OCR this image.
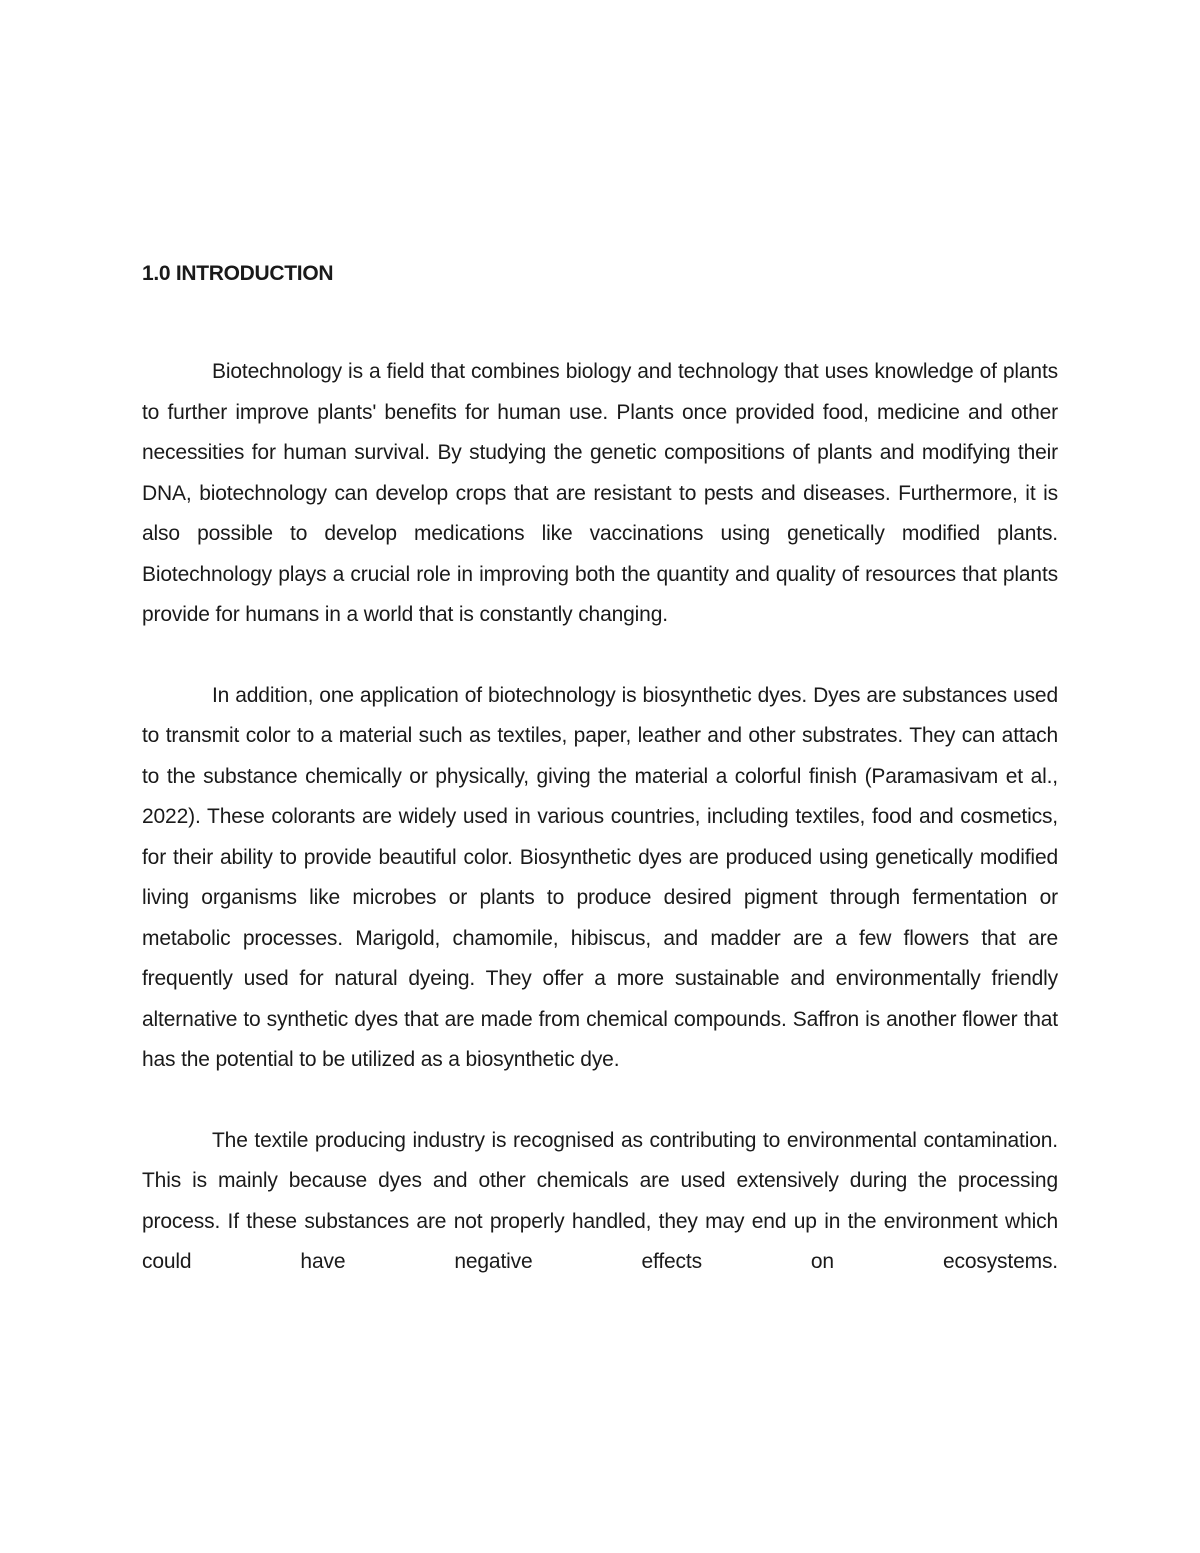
1.0 INTRODUCTION

Biotechnology is a field that combines biology and technology that uses knowledge of plants to further improve plants' benefits for human use. Plants once provided food, medicine and other necessities for human survival. By studying the genetic compositions of plants and modifying their DNA, biotechnology can develop crops that are resistant to pests and diseases. Furthermore, it is also possible to develop medications like vaccinations using genetically modified plants. Biotechnology plays a crucial role in improving both the quantity and quality of resources that plants provide for humans in a world that is constantly changing.

In addition, one application of biotechnology is biosynthetic dyes. Dyes are substances used to transmit color to a material such as textiles, paper, leather and other substrates. They can attach to the substance chemically or physically, giving the material a colorful finish (Paramasivam et al., 2022). These colorants are widely used in various countries, including textiles, food and cosmetics, for their ability to provide beautiful color. Biosynthetic dyes are produced using genetically modified living organisms like microbes or plants to produce desired pigment through fermentation or metabolic processes. Marigold, chamomile, hibiscus, and madder are a few flowers that are frequently used for natural dyeing. They offer a more sustainable and environmentally friendly alternative to synthetic dyes that are made from chemical compounds. Saffron is another flower that has the potential to be utilized as a biosynthetic dye.

The textile producing industry is recognised as contributing to environmental contamination. This is mainly because dyes and other chemicals are used extensively during the processing process. If these substances are not properly handled, they may end up in the environment which could have negative effects on ecosystems.
